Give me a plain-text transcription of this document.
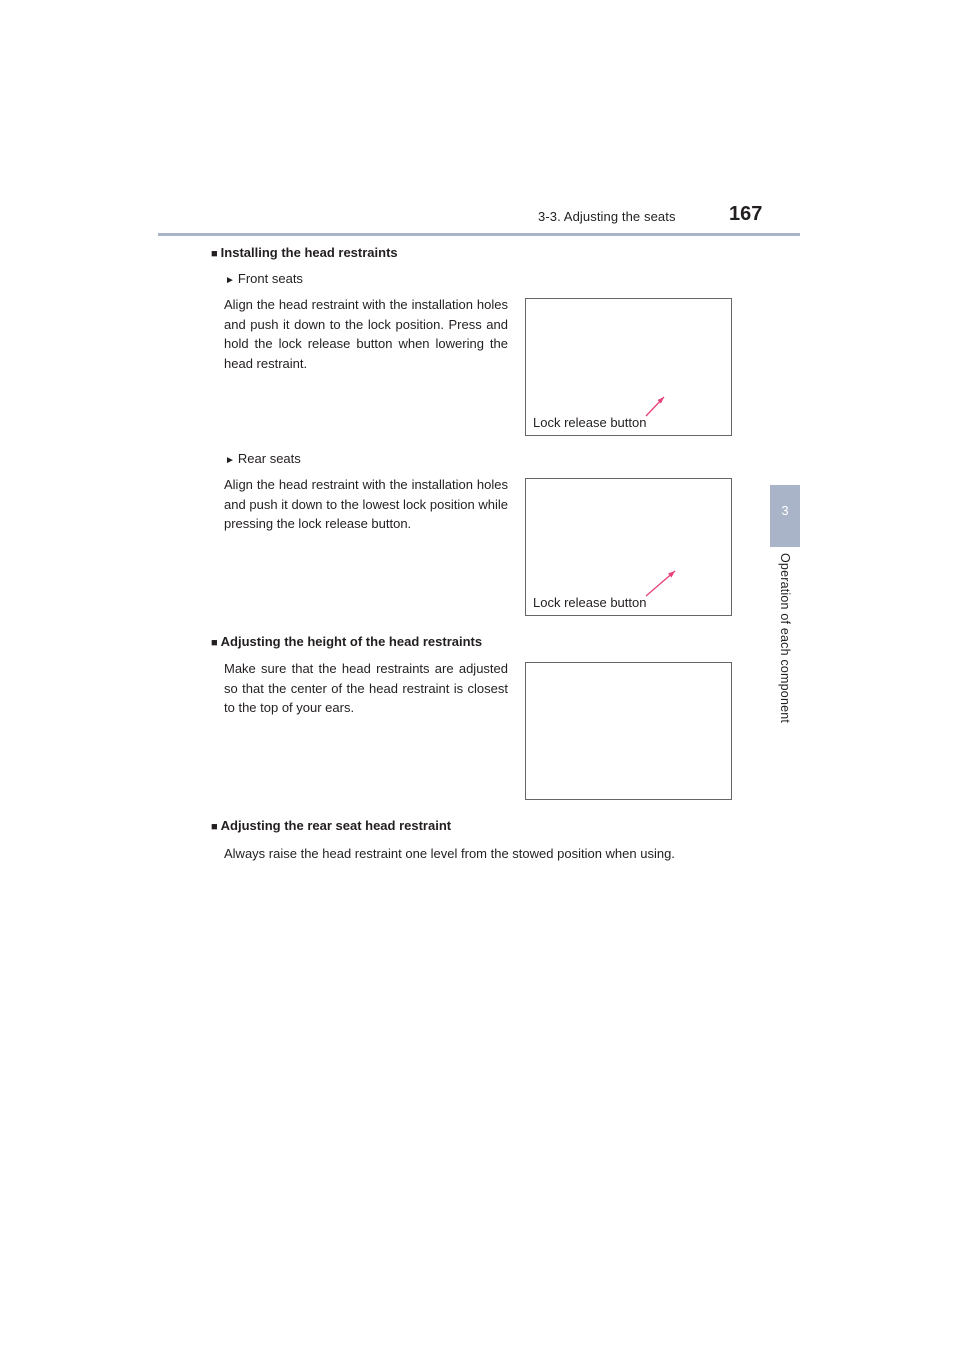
3-3. Adjusting the seats	167
3
Operation of each component
■ Installing the head restraints
► Front seats
Align the head restraint with the installation holes and push it down to the lock position. Press and hold the lock release button when lowering the head restraint.
Lock release button
► Rear seats
Align the head restraint with the installation holes and push it down to the lowest lock position while pressing the lock release button.
Lock release button
■ Adjusting the height of the head restraints
Make sure that the head restraints are adjusted so that the center of the head restraint is closest to the top of your ears.
■ Adjusting the rear seat head restraint
Always raise the head restraint one level from the stowed position when using.
